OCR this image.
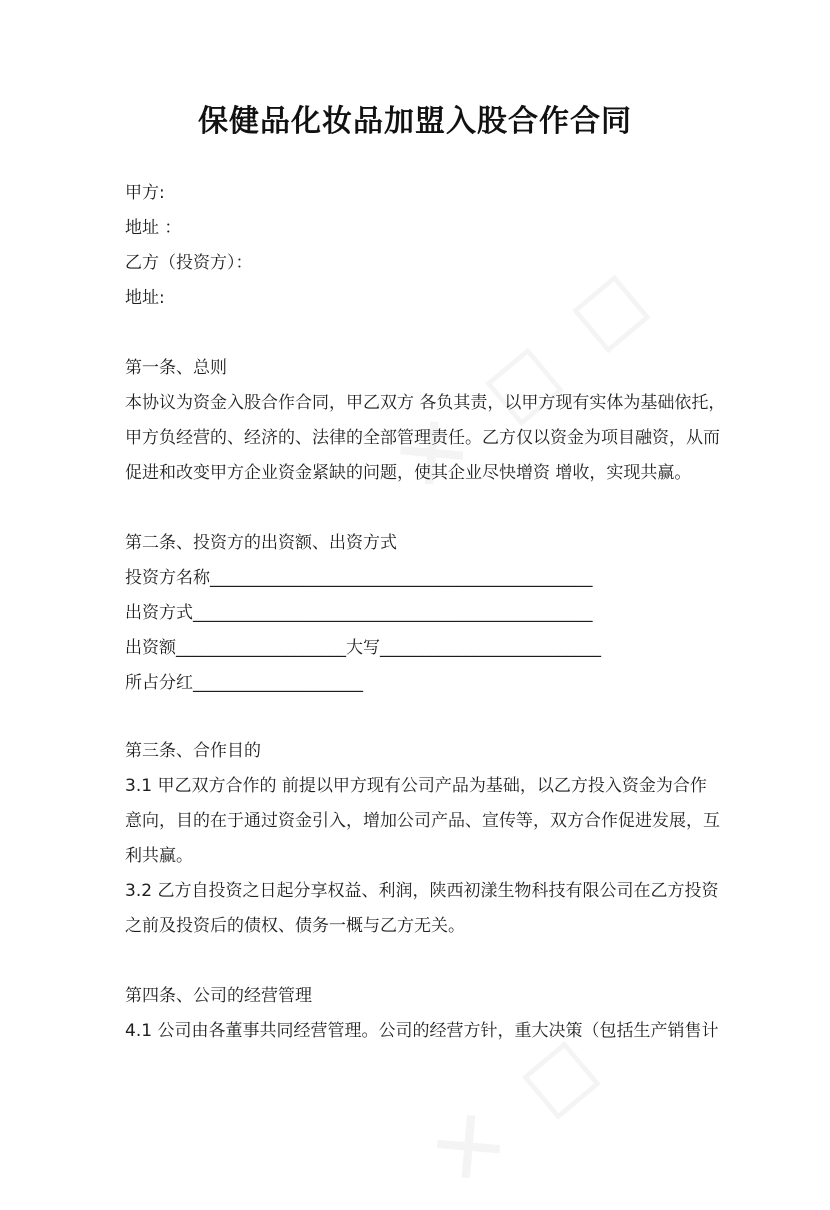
保健品化妆品加盟入股合作合同
甲方:
地址 ：
乙方（投资方）：
地址:
第一条、总则
本协议为资金入股合作合同，甲乙双方 各负其责，以甲方现有实体为基础依托，
甲方负经营的、经济的、法律的全部管理责任。乙方仅以资金为项目融资，从而
促进和改变甲方企业资金紧缺的问题，使其企业尽快增资 增收，实现共赢。
第二条、投资方的出资额、出资方式
投资方名称_____________________________________________
出资方式_______________________________________________
出资额____________________大写__________________________
所占分红____________________
第三条、合作目的
3.1 甲乙双方合作的 前提以甲方现有公司产品为基础，以乙方投入资金为合作
意向，目的在于通过资金引入，增加公司产品、宣传等，双方合作促进发展，互
利共赢。
3.2 乙方自投资之日起分享权益、利润，陕西初漾生物科技有限公司在乙方投资
之前及投资后的债权、债务一概与乙方无关。
第四条、公司的经营管理
4.1 公司由各董事共同经营管理。公司的经营方针，重大决策（包括生产销售计
